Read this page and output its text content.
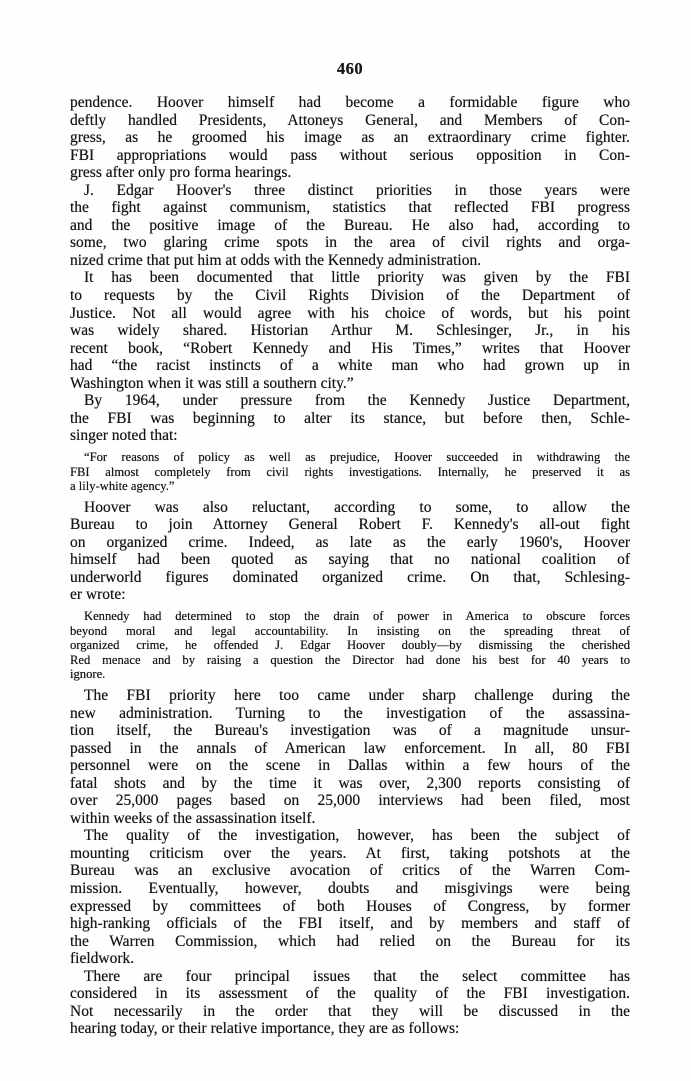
460

pendence. Hoover himself had become a formidable figure who
deftly handled Presidents, Attoneys General, and Members of Con-
gress, as he groomed his image as an extraordinary crime fighter.
FBI appropriations would pass without serious opposition in Con-
gress after only pro forma hearings.

J. Edgar Hoover's three distinct priorities in those years were
the fight against communism, statistics that reflected FBI progress
and the positive image of the Bureau. He also had, according to
some, two glaring crime spots in the area of civil rights and orga-
nized crime that put him at odds with the Kennedy administration.

It has been documented that little priority was given by the FBI
to requests by the Civil Rights Division of the Department of
Justice. Not all would agree with his choice of words, but his point
was widely shared. Historian Arthur M. Schlesinger, Jr., in his
recent book, “Robert Kennedy and His Times,” writes that Hoover
had “the racist instincts of a white man who had grown up in
Washington when it was still a southern city.”

By 1964, under pressure from the Kennedy Justice Department,
the FBI was beginning to alter its stance, but before then, Schle-
singer noted that:

“For reasons of policy as well as prejudice, Hoover succeeded in withdrawing the
FBI almost completely from civil rights investigations. Internally, he preserved it as
a lily-white agency.”

Hoover was also reluctant, according to some, to allow the
Bureau to join Attorney General Robert F. Kennedy's all-out fight
on organized crime. Indeed, as late as the early 1960's, Hoover
himself had been quoted as saying that no national coalition of
underworld figures dominated organized crime. On that, Schlesing-
er wrote:

Kennedy had determined to stop the drain of power in America to obscure forces
beyond moral and legal accountability. In insisting on the spreading threat of
organized crime, he offended J. Edgar Hoover doubly—by dismissing the cherished
Red menace and by raising a question the Director had done his best for 40 years to
ignore.

The FBI priority here too came under sharp challenge during the
new administration. Turning to the investigation of the assassina-
tion itself, the Bureau's investigation was of a magnitude unsur-
passed in the annals of American law enforcement. In all, 80 FBI
personnel were on the scene in Dallas within a few hours of the
fatal shots and by the time it was over, 2,300 reports consisting of
over 25,000 pages based on 25,000 interviews had been filed, most
within weeks of the assassination itself.

The quality of the investigation, however, has been the subject of
mounting criticism over the years. At first, taking potshots at the
Bureau was an exclusive avocation of critics of the Warren Com-
mission. Eventually, however, doubts and misgivings were being
expressed by committees of both Houses of Congress, by former
high-ranking officials of the FBI itself, and by members and staff of
the Warren Commission, which had relied on the Bureau for its
fieldwork.

There are four principal issues that the select committee has
considered in its assessment of the quality of the FBI investigation.
Not necessarily in the order that they will be discussed in the
hearing today, or their relative importance, they are as follows:
